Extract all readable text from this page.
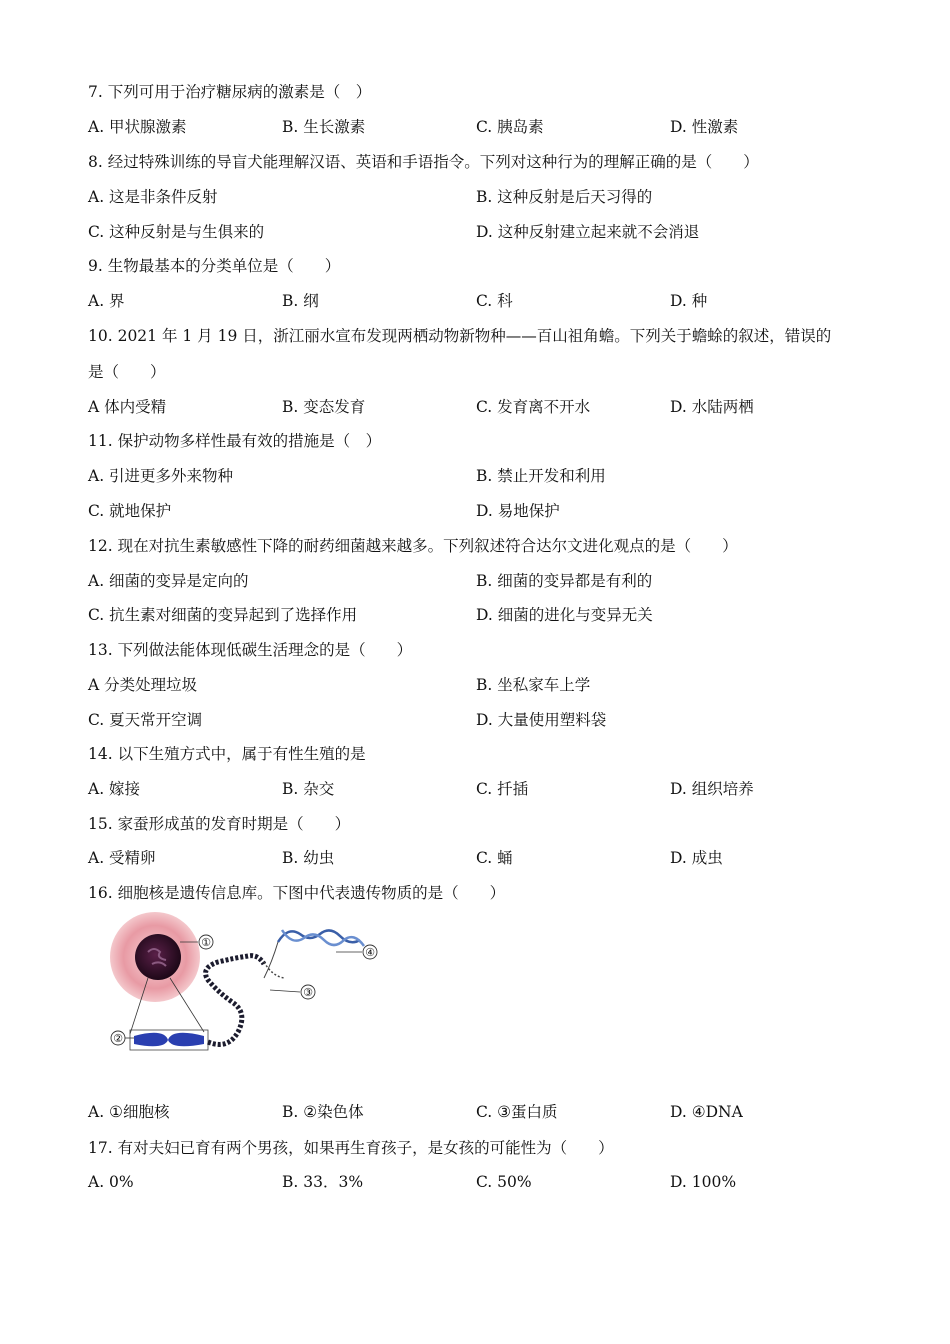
7. 下列可用于治疗糖尿病的激素是（　）
A. 甲状腺激素	B. 生长激素	C. 胰岛素	D. 性激素
8. 经过特殊训练的导盲犬能理解汉语、英语和手语指令。下列对这种行为的理解正确的是（　　）
A. 这是非条件反射	B. 这种反射是后天习得的
C. 这种反射是与生俱来的	D. 这种反射建立起来就不会消退
9. 生物最基本的分类单位是（　　）
A. 界	B. 纲	C. 科	D. 种
10. 2021 年 1 月 19 日，浙江丽水宣布发现两栖动物新物种——百山祖角蟾。下列关于蟾蜍的叙述，错误的
是（　　）
A 体内受精	B. 变态发育	C. 发育离不开水	D. 水陆两栖
11. 保护动物多样性最有效的措施是（　）
A. 引进更多外来物种	B. 禁止开发和利用
C. 就地保护	D. 易地保护
12. 现在对抗生素敏感性下降的耐药细菌越来越多。下列叙述符合达尔文进化观点的是（　　）
A. 细菌的变异是定向的	B. 细菌的变异都是有利的
C. 抗生素对细菌的变异起到了选择作用	D. 细菌的进化与变异无关
13. 下列做法能体现低碳生活理念的是（　　）
A 分类处理垃圾	B. 坐私家车上学
C. 夏天常开空调	D. 大量使用塑料袋
14. 以下生殖方式中，属于有性生殖的是
A. 嫁接	B. 杂交	C. 扦插	D. 组织培养
15. 家蚕形成茧的发育时期是（　　）
A. 受精卵	B. 幼虫	C. 蛹	D. 成虫
16. 细胞核是遗传信息库。下图中代表遗传物质的是（　　）
①
②
③
④
A. ①细胞核	B. ②染色体	C. ③蛋白质	D. ④DNA
17. 有对夫妇已育有两个男孩，如果再生育孩子，是女孩的可能性为（　　）
A. 0%	B. 33．3%	C. 50%	D. 100%
